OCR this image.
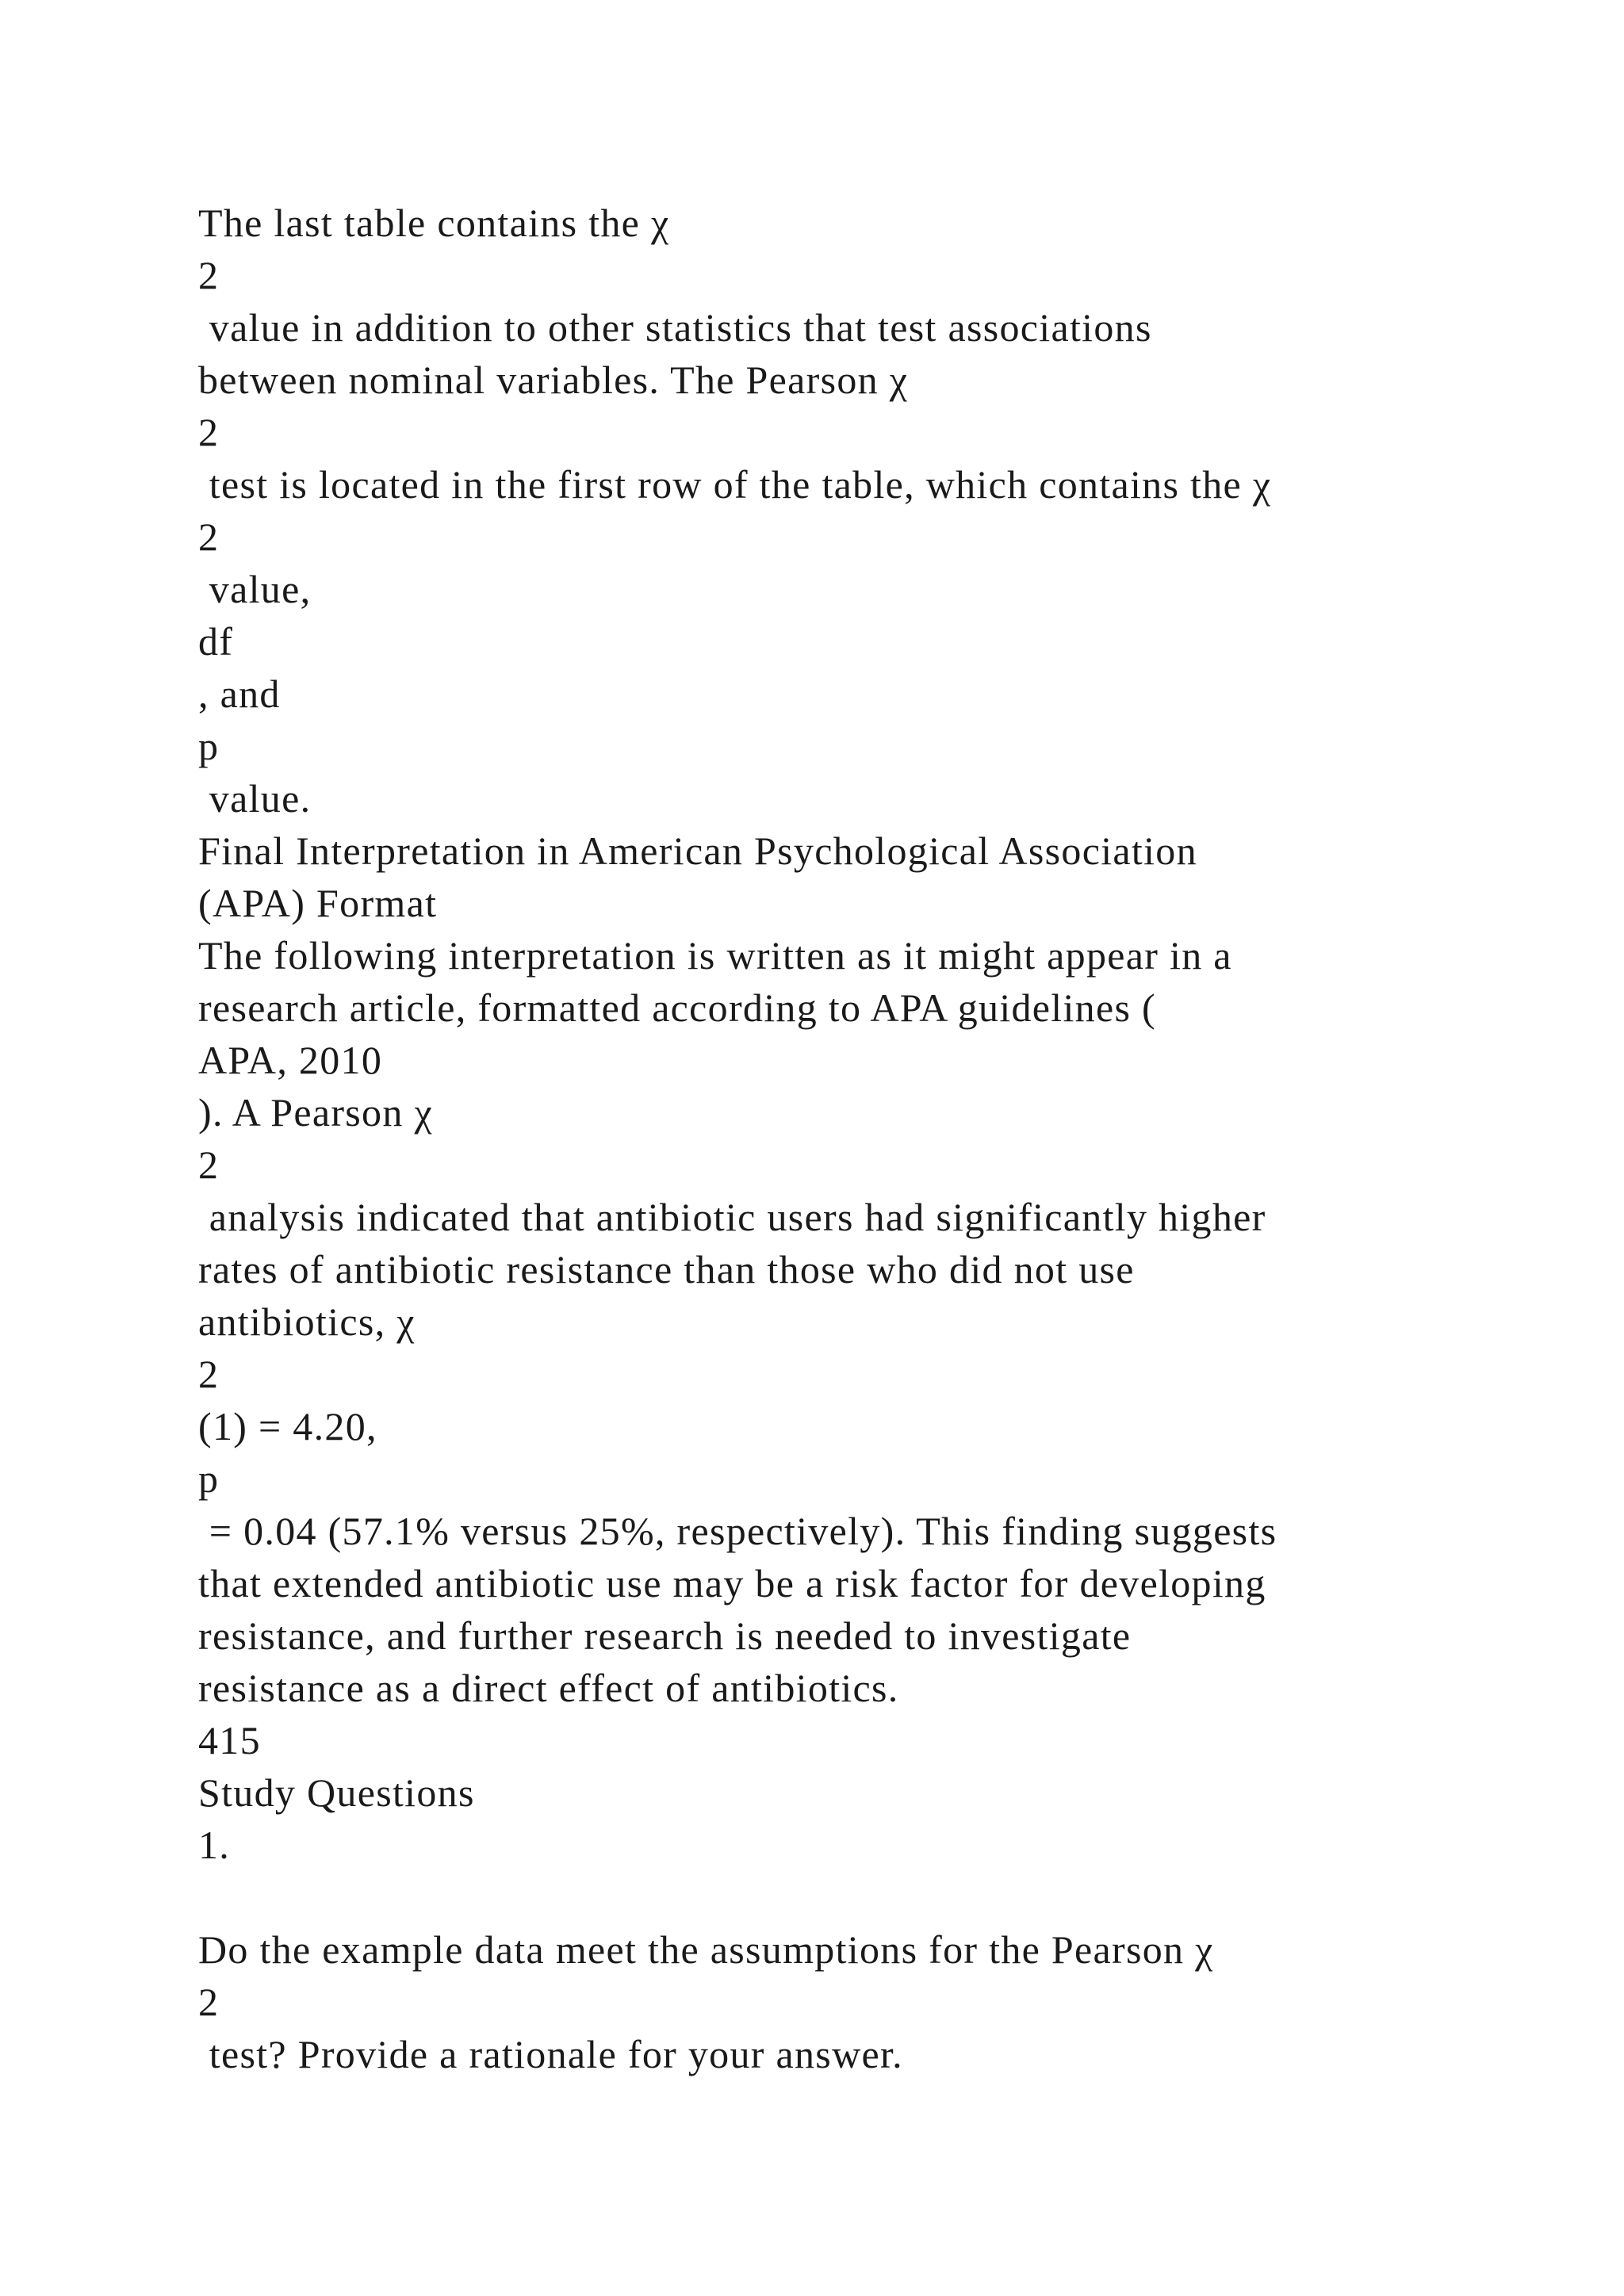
The last table contains the χ
2
value in addition to other statistics that test associations
between nominal variables. The Pearson χ
2
test is located in the first row of the table, which contains the χ
2
value,
df
, and
p
value.
Final Interpretation in American Psychological Association
(APA) Format
The following interpretation is written as it might appear in a
research article, formatted according to APA guidelines (
APA, 2010
). A Pearson χ
2
analysis indicated that antibiotic users had significantly higher
rates of antibiotic resistance than those who did not use
antibiotics, χ
2
(1) = 4.20,
p
= 0.04 (57.1% versus 25%, respectively). This finding suggests
that extended antibiotic use may be a risk factor for developing
resistance, and further research is needed to investigate
resistance as a direct effect of antibiotics.
415
Study Questions
1.
Do the example data meet the assumptions for the Pearson χ
2
test? Provide a rationale for your answer.
